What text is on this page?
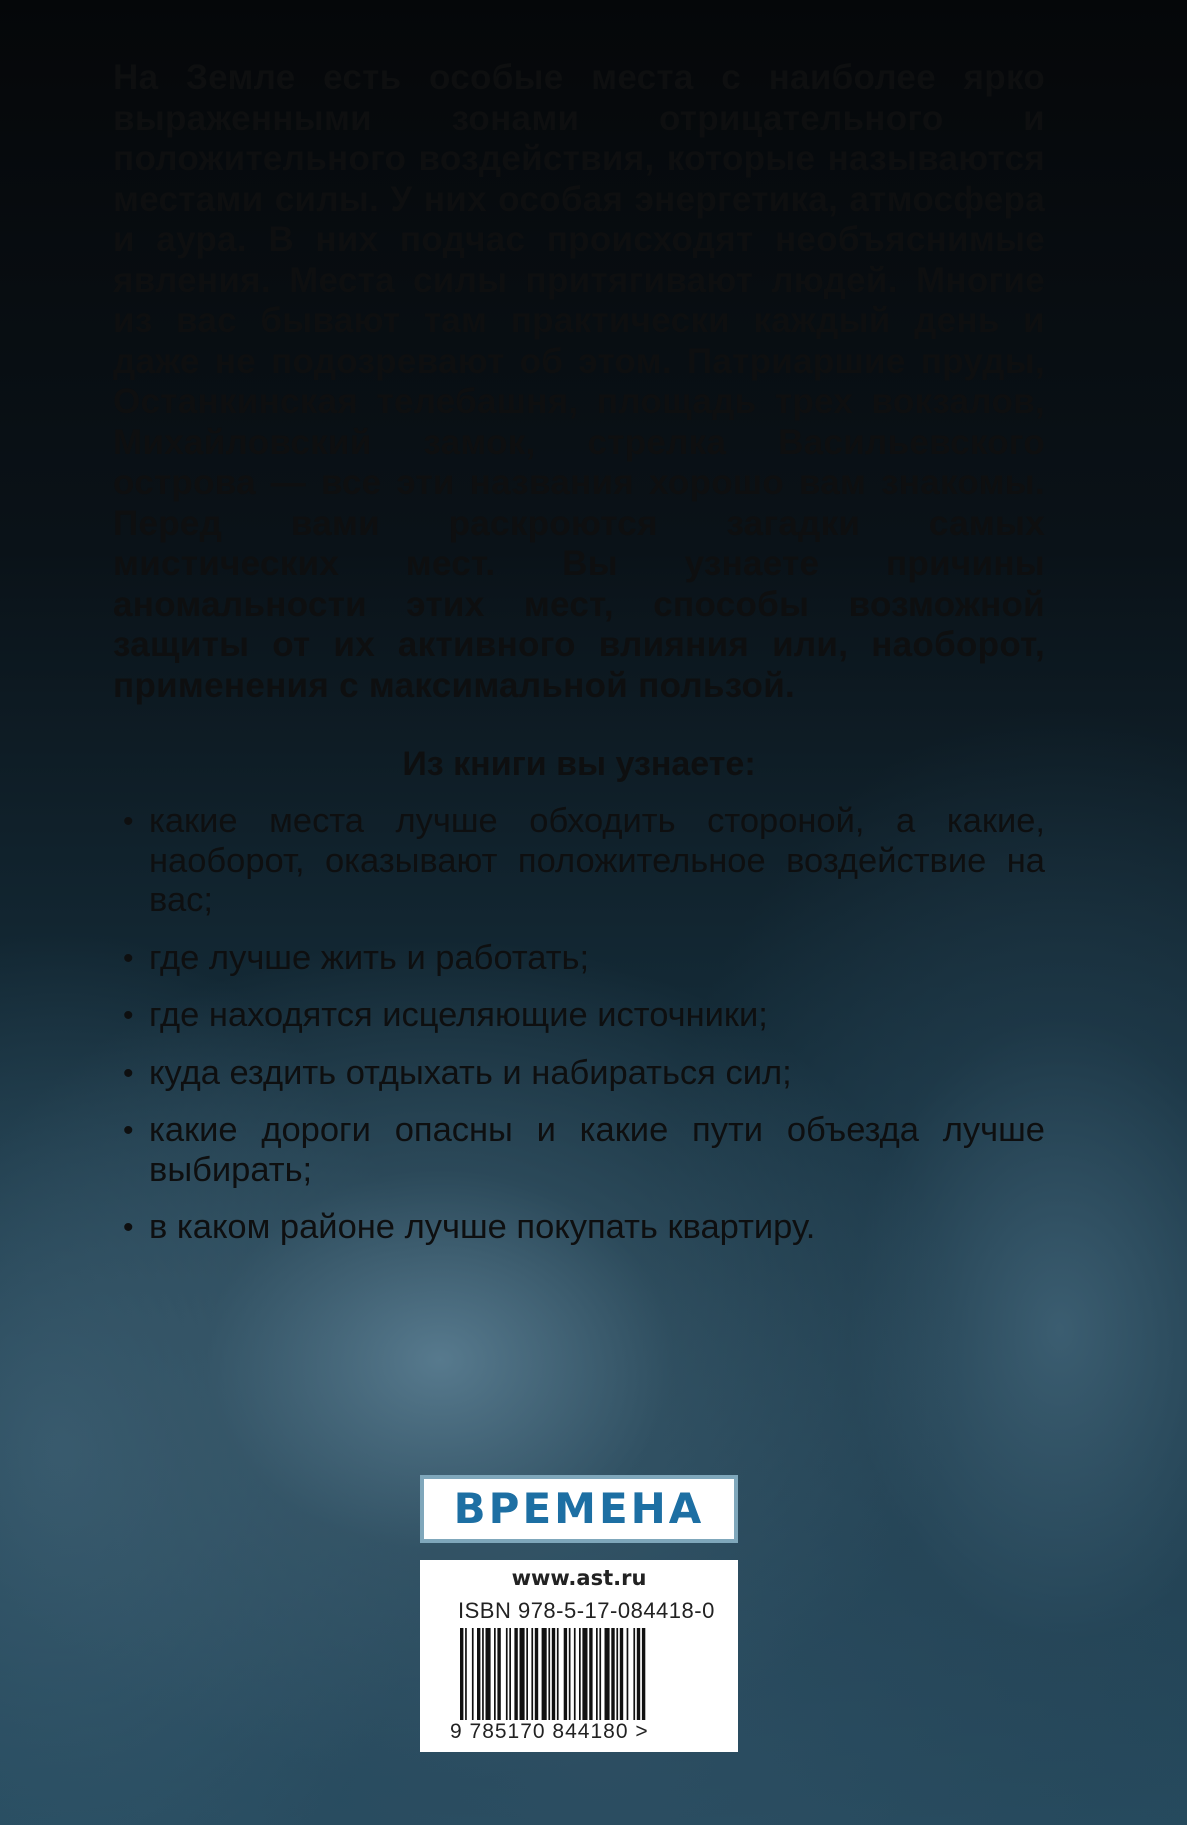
На Земле есть особые места с наиболее ярко выраженными зонами отрицательного и положительного воздействия, которые называются местами силы. У них особая энергетика, атмосфера и аура. В них подчас происходят необъяснимые явления. Места силы притягивают людей. Многие из вас бывают там практически каждый день и даже не подозревают об этом. Патриаршие пруды, Останкинская телебашня, площадь трех вокзалов, Михайловский замок, стрелка Васильевского острова — все эти названия хорошо вам знакомы. Перед вами раскроются загадки самых мистических мест. Вы узнаете причины аномальности этих мест, способы возможной защиты от их активного влияния или, наоборот, применения с максимальной пользой.

Из книги вы узнаете:
• какие места лучше обходить стороной, а какие, наоборот, оказывают положительное воздействие на вас;
• где лучше жить и работать;
• где находятся исцеляющие источники;
• куда ездить отдыхать и набираться сил;
• какие дороги опасны и какие пути объезда лучше выбирать;
• в каком районе лучше покупать квартиру.
ВРЕМЕНА
www.ast.ru
ISBN 978-5-17-084418-0
9 785170 844180 >
